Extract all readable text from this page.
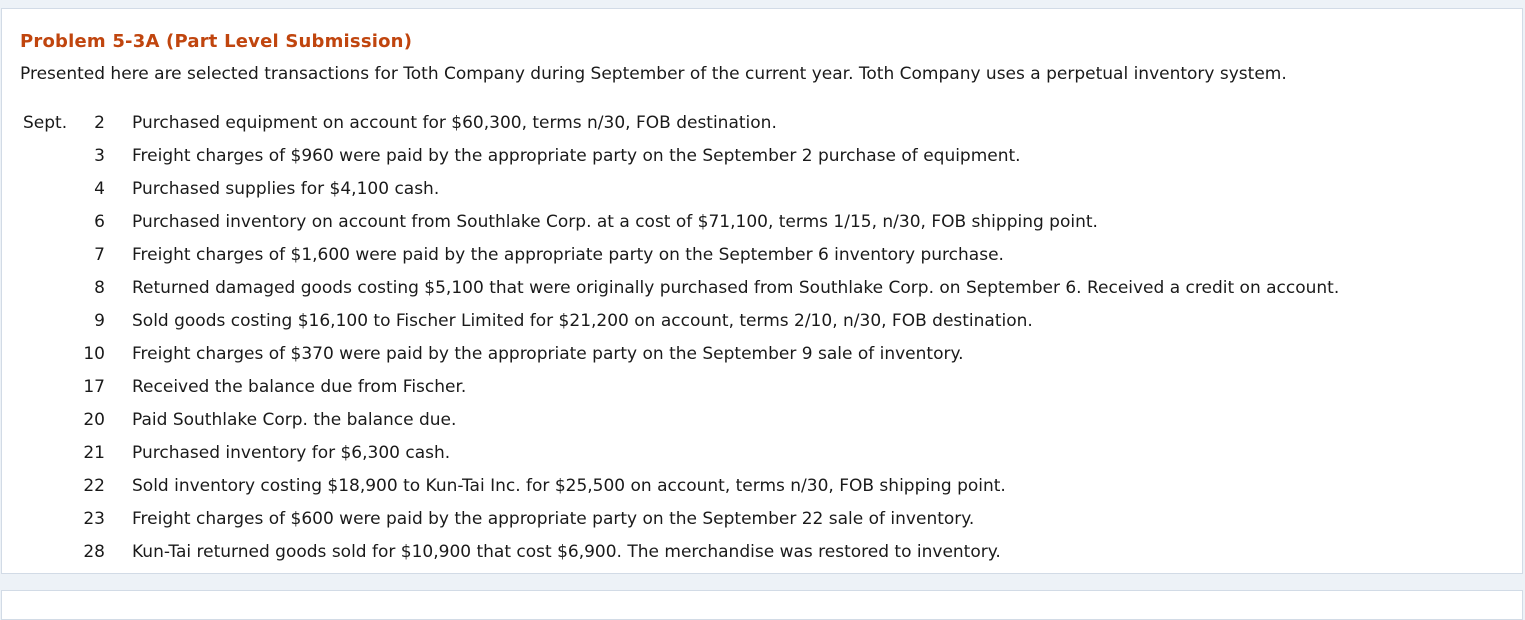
Problem 5-3A (Part Level Submission)
Presented here are selected transactions for Toth Company during September of the current year. Toth Company uses a perpetual inventory system.
Sept.	2 Purchased equipment on account for $60,300, terms n/30, FOB destination.
3 Freight charges of $960 were paid by the appropriate party on the September 2 purchase of equipment.
4 Purchased supplies for $4,100 cash.
6 Purchased inventory on account from Southlake Corp. at a cost of $71,100, terms 1/15, n/30, FOB shipping point.
7 Freight charges of $1,600 were paid by the appropriate party on the September 6 inventory purchase.
8 Returned damaged goods costing $5,100 that were originally purchased from Southlake Corp. on September 6. Received a credit on account.
9 Sold goods costing $16,100 to Fischer Limited for $21,200 on account, terms 2/10, n/30, FOB destination.
10 Freight charges of $370 were paid by the appropriate party on the September 9 sale of inventory.
17 Received the balance due from Fischer.
20 Paid Southlake Corp. the balance due.
21 Purchased inventory for $6,300 cash.
22 Sold inventory costing $18,900 to Kun-Tai Inc. for $25,500 on account, terms n/30, FOB shipping point.
23 Freight charges of $600 were paid by the appropriate party on the September 22 sale of inventory.
28 Kun-Tai returned goods sold for $10,900 that cost $6,900. The merchandise was restored to inventory.
